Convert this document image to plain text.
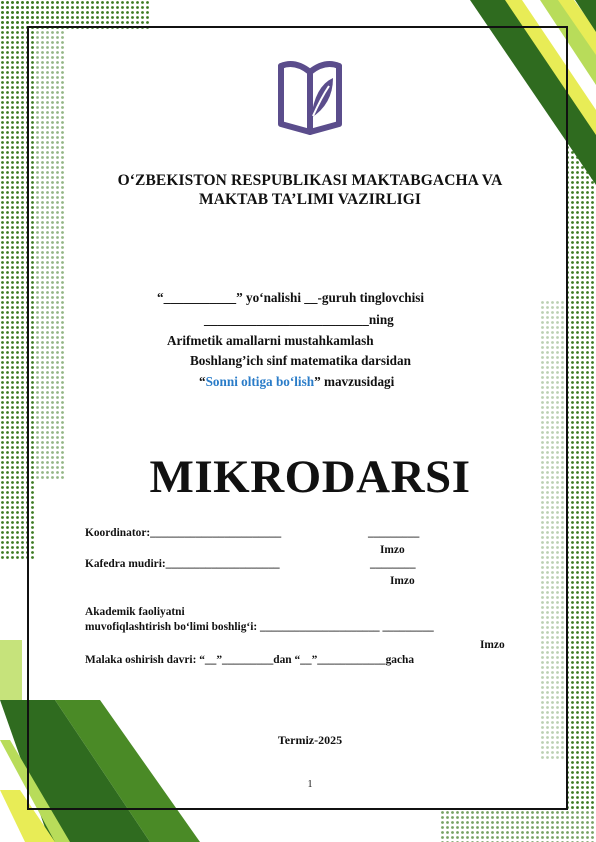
O‘ZBEKISTON RESPUBLIKASI MAKTABGACHA VA
MAKTAB TA’LIMI VAZIRLIGI
“___________” yo‘nalishi __-guruh tinglovchisi
_________________________ning
Arifmetik amallarni mustahkamlash
Boshlang’ich sinf matematika darsidan
“Sonni oltiga bo‘lish” mavzusidagi
MIKRODARSI
Koordinator:_______________________	_________
Imzo
Kafedra mudiri:____________________	________
Imzo
Akademik faoliyatni
muvofiqlashtirish bo‘limi boshlig‘i: _____________________ _________
Imzo
Malaka oshirish davri: “__”_________dan “__”____________gacha
Termiz-2025
1
